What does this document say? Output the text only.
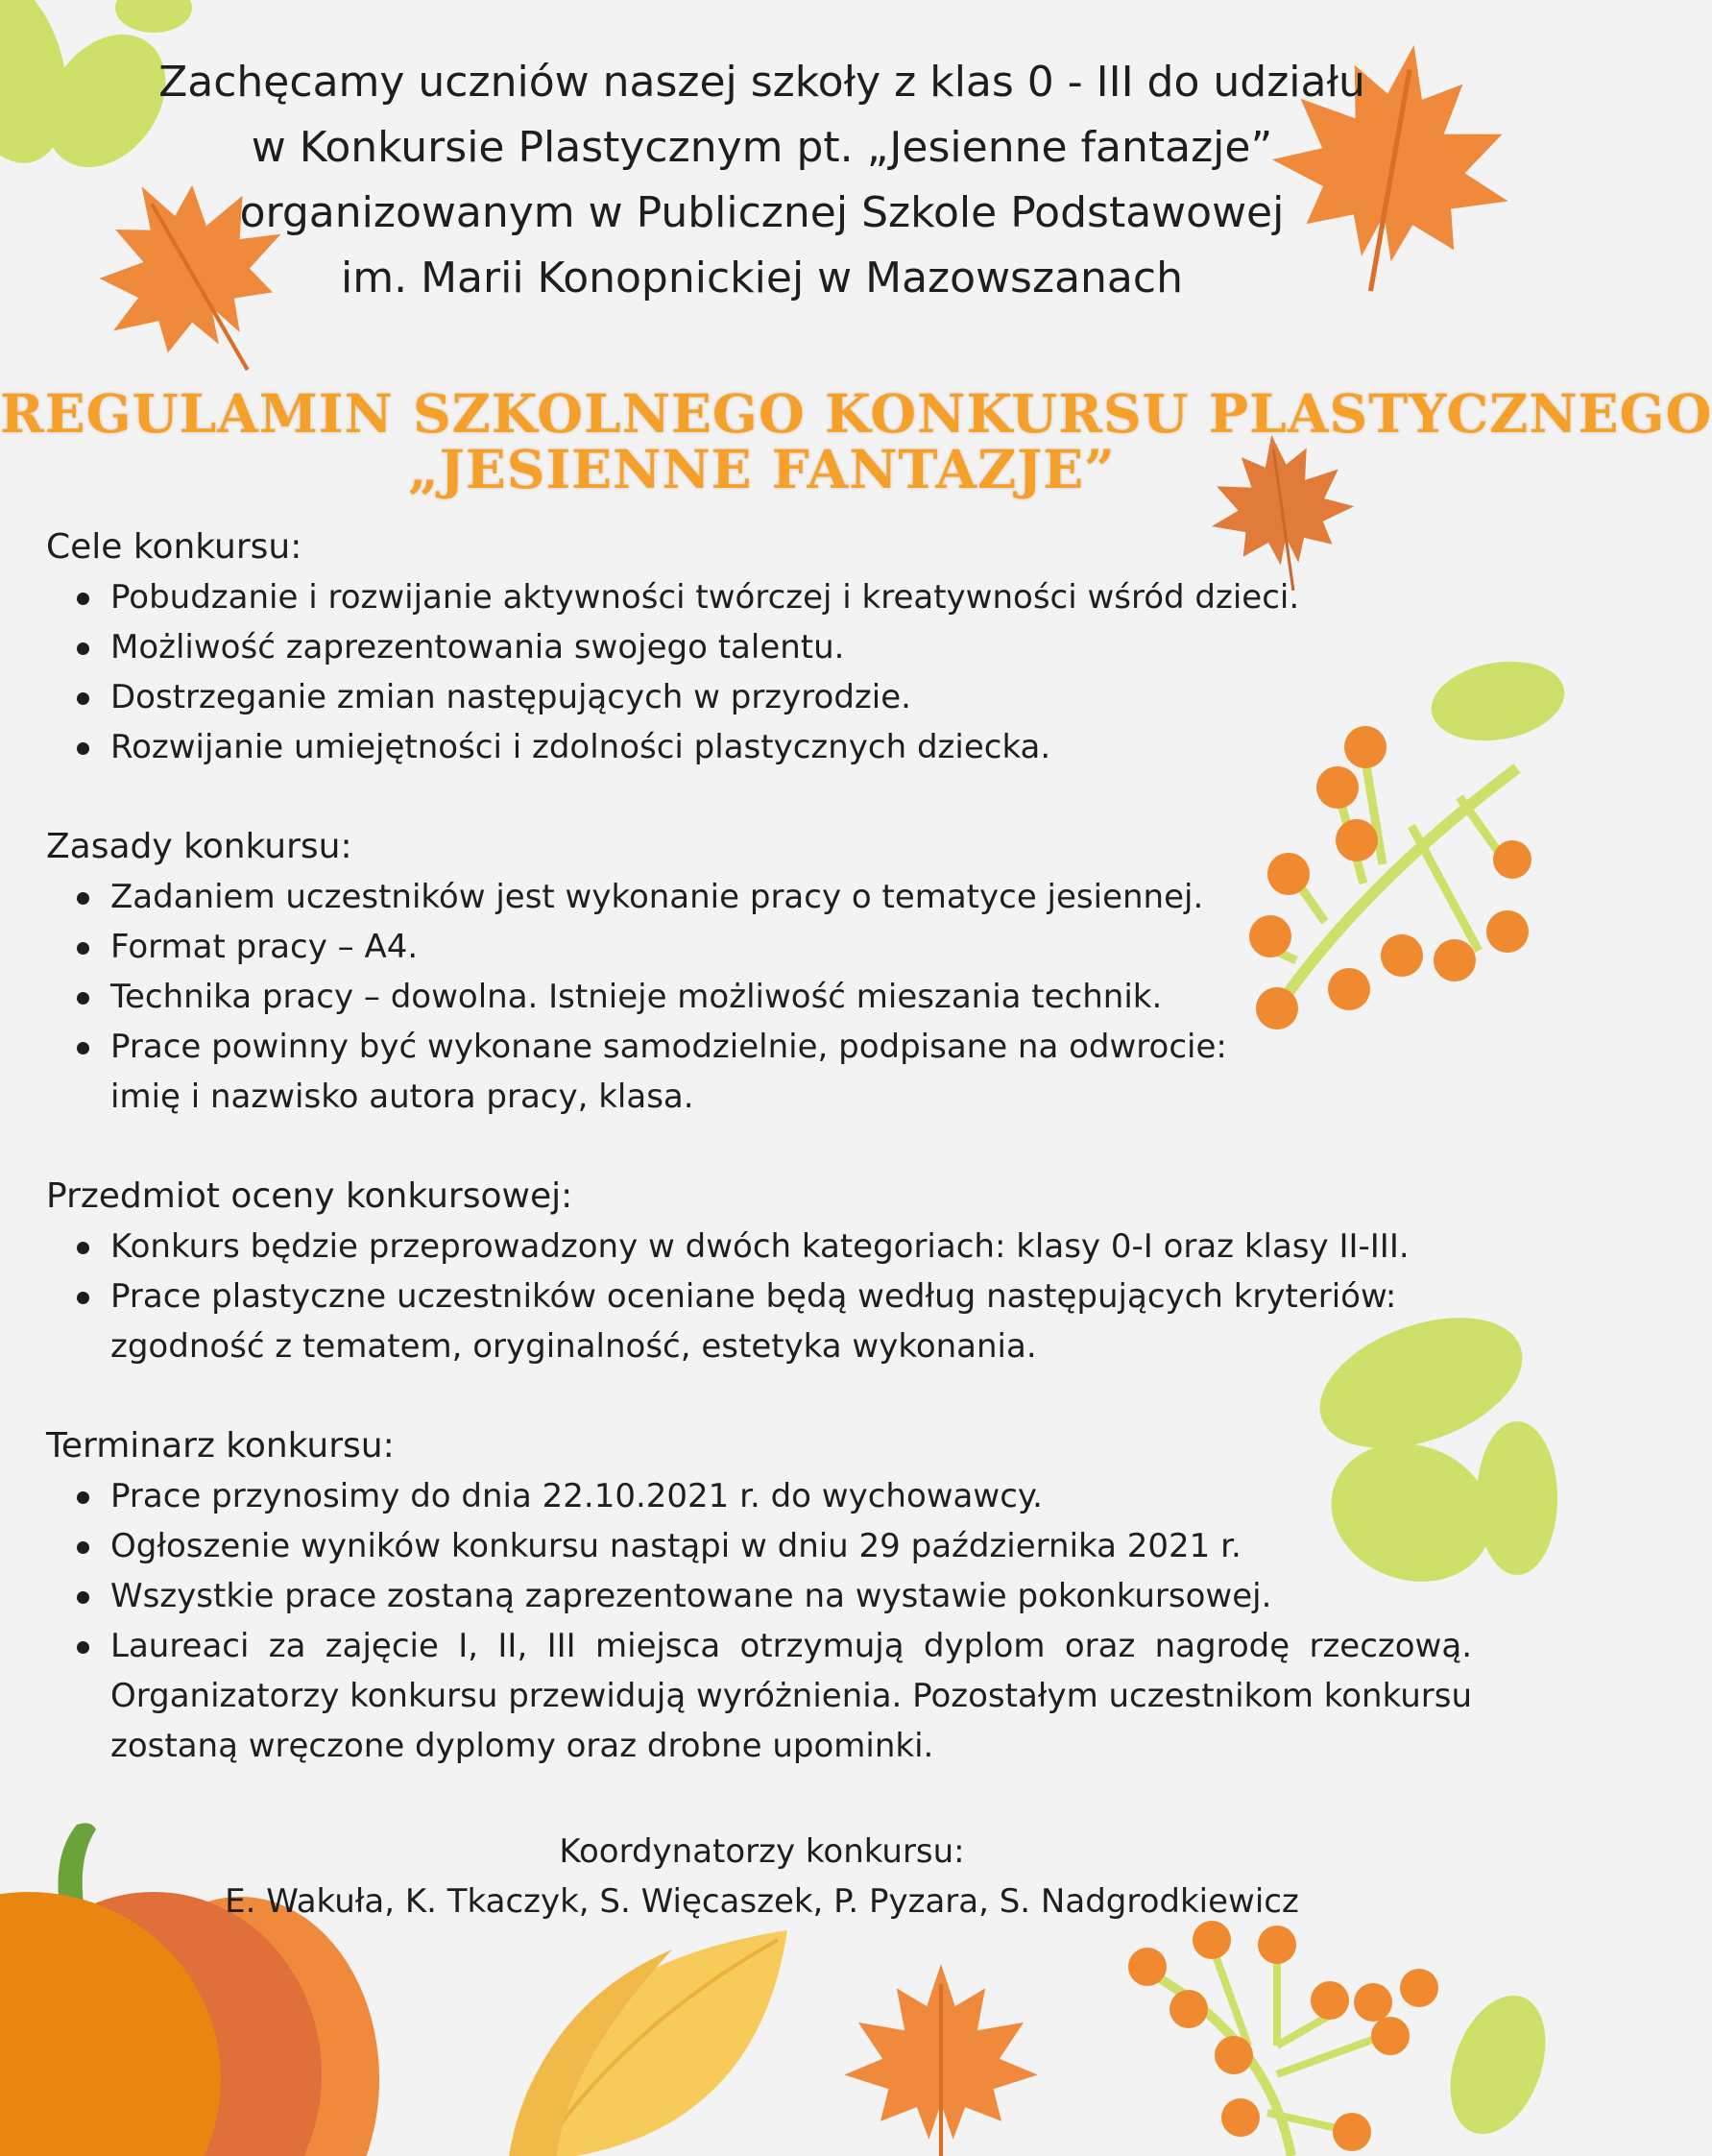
Zachęcamy uczniów naszej szkoły z klas 0 - III do udziału
w Konkursie Plastycznym pt. „Jesienne fantazje”
organizowanym w Publicznej Szkole Podstawowej
im. Marii Konopnickiej w Mazowszanach
REGULAMIN SZKOLNEGO KONKURSU PLASTYCZNEGO
„JESIENNE FANTAZJE”
Cele konkursu:
Pobudzanie i rozwijanie aktywności twórczej i kreatywności wśród dzieci.
Możliwość zaprezentowania swojego talentu.
Dostrzeganie zmian następujących w przyrodzie.
Rozwijanie umiejętności i zdolności plastycznych dziecka.
Zasady konkursu:
Zadaniem uczestników jest wykonanie pracy o tematyce jesiennej.
Format pracy – A4.
Technika pracy – dowolna. Istnieje możliwość mieszania technik.
Prace powinny być wykonane samodzielnie, podpisane na odwrocie: imię i nazwisko autora pracy, klasa.
Przedmiot oceny konkursowej:
Konkurs będzie przeprowadzony w dwóch kategoriach: klasy 0-I oraz klasy II-III.
Prace plastyczne uczestników oceniane będą według następujących kryteriów: zgodność z tematem, oryginalność, estetyka wykonania.
Terminarz konkursu:
Prace przynosimy do dnia 22.10.2021 r. do wychowawcy.
Ogłoszenie wyników konkursu nastąpi w dniu 29 października 2021 r.
Wszystkie prace zostaną zaprezentowane na wystawie pokonkursowej.
Laureaci za zajęcie I, II, III miejsca otrzymują dyplom oraz nagrodę rzeczową. Organizatorzy konkursu przewidują wyróżnienia. Pozostałym uczestnikom konkursu zostaną wręczone dyplomy oraz drobne upominki.
Koordynatorzy konkursu:
E. Wakuła, K. Tkaczyk, S. Więcaszek, P. Pyzara, S. Nadgrodkiewicz
